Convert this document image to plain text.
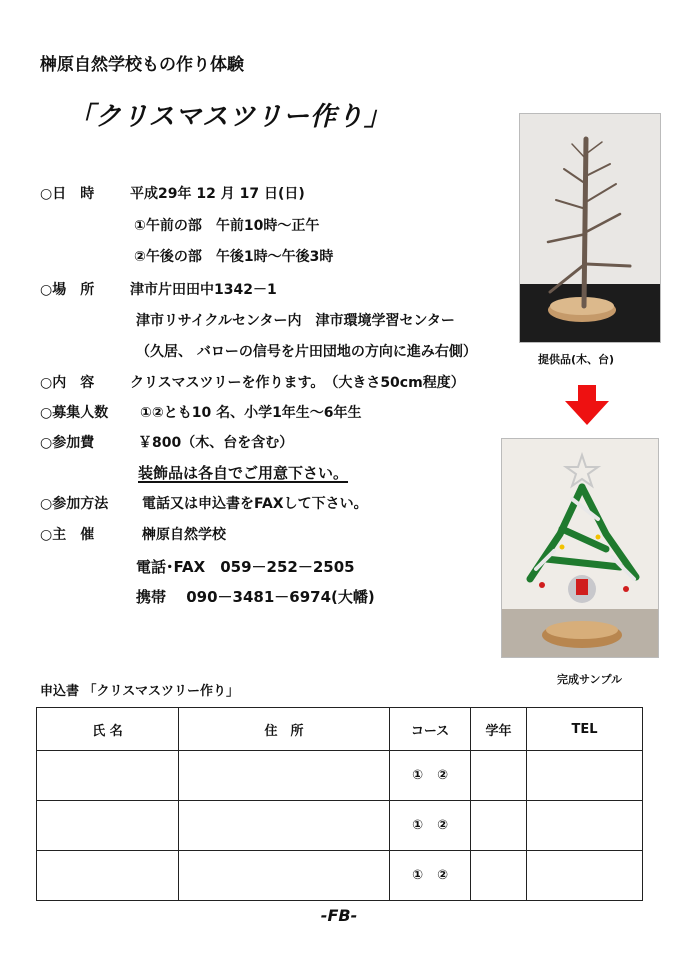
榊原自然学校もの作り体験
「クリスマスツリー作り」
○日　時	平成29年 12 月 17 日(日)
①午前の部　午前10時～正午
②午後の部　午後1時～午後3時
○場　所	津市片田田中1342－1
津市リサイクルセンター内　津市環境学習センター
（久居、 バローの信号を片田団地の方向に進み右側）
○内　容	クリスマスツリーを作ります。　（大きさ50cm程度）
○募集人数 ①②とも10 名、小学1年生～6年生
○参加費	￥800（木、台を含む）
装飾品は各自でご用意下さい。
○参加方法 電話又は申込書をFAXして下さい。
○主　催	榊原自然学校
電話･FAX　059－252－2505
携帯　 090－3481－6974(大幡)
提供品(木、台)
完成サンプル
申込書 「クリスマスツリー作り」
氏 名	住　所	コース	学年	TEL
		① ②		
		① ②		
		① ②		
-FB-
